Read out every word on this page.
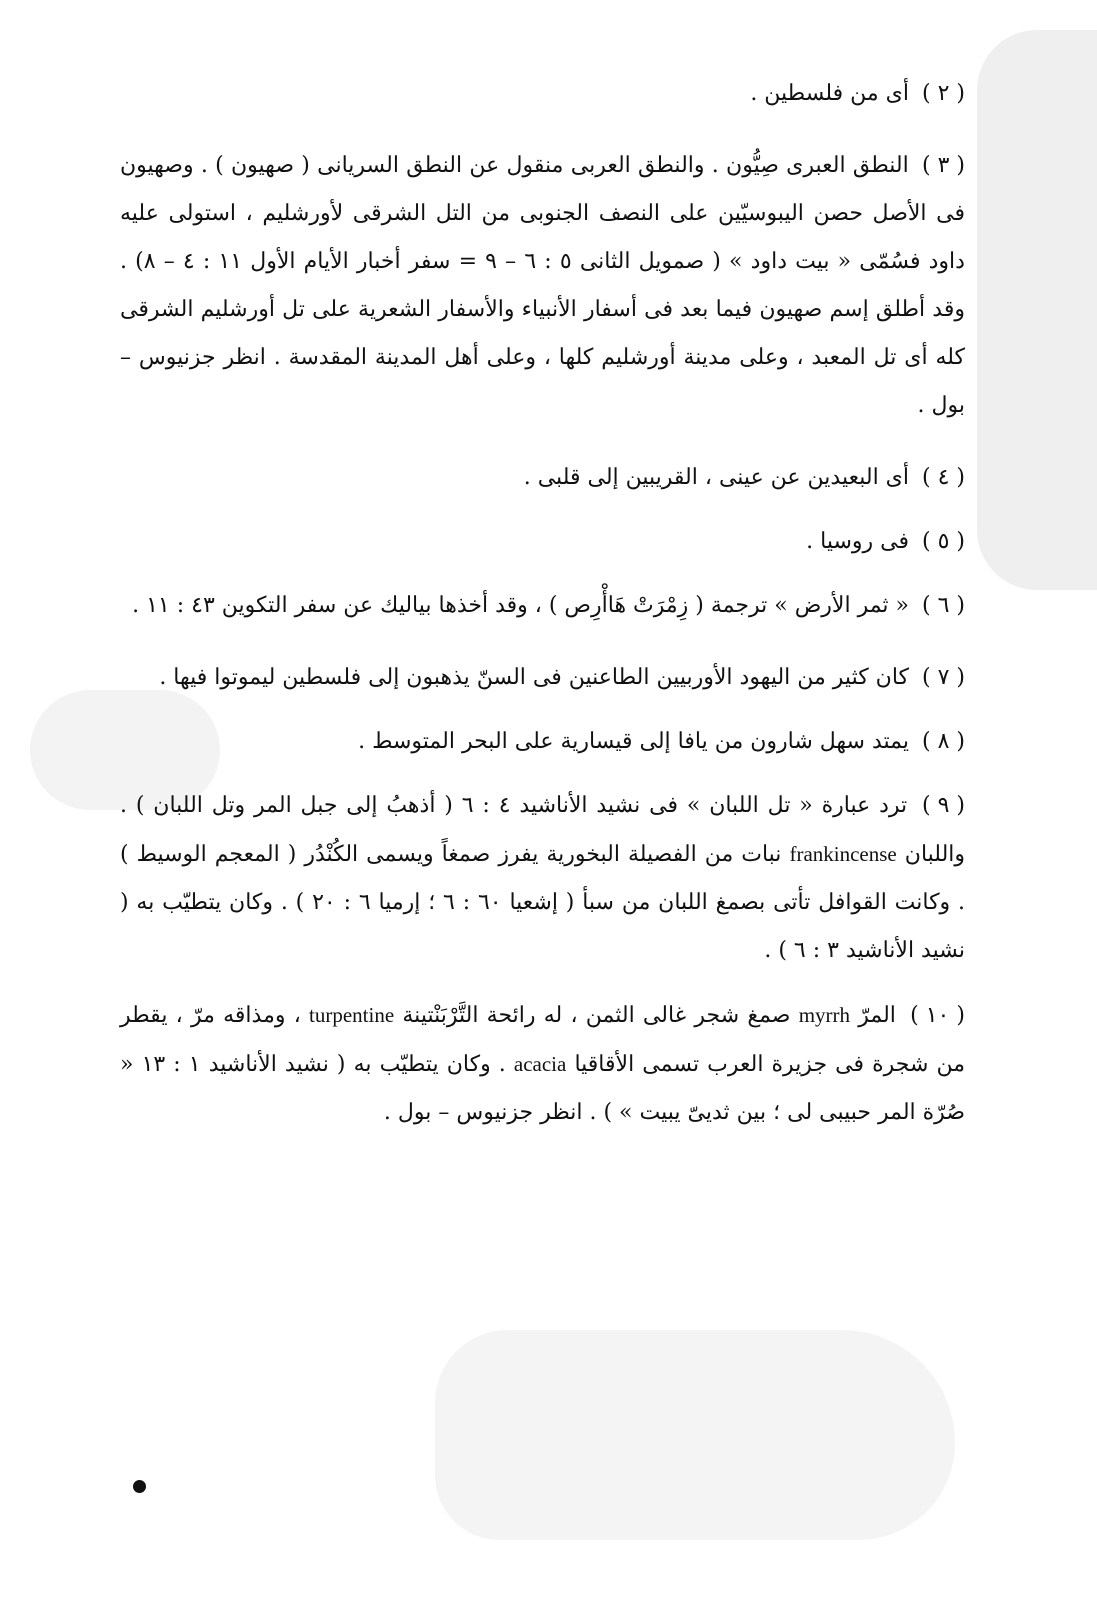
( ٢ ) أى من فلسطين .

( ٣ ) النطق العبرى صِيُّون . والنطق العربى منقول عن النطق السريانى ( صهيون ) . وصهيون فى الأصل حصن اليبوسيّين على النصف الجنوبى من التل الشرقى لأورشليم ، استولى عليه داود فسُمّى « بيت داود » ( صمويل الثانى ٥ : ٦ – ٩ = سفر أخبار الأيام الأول ١١ : ٤ – ٨) . وقد أطلق إسم صهيون فيما بعد فى أسفار الأنبياء والأسفار الشعرية على تل أورشليم الشرقى كله أى تل المعبد ، وعلى مدينة أورشليم كلها ، وعلى أهل المدينة المقدسة . انظر جزنيوس – بول .

( ٤ ) أى البعيدين عن عينى ، القريبين إلى قلبى .

( ٥ ) فى روسيا .

( ٦ ) « ثمر الأرض » ترجمة ( زِمْرَتْ هَاأْرِص ) ، وقد أخذها بياليك عن سفر التكوين ٤٣ : ١١ .

( ٧ ) كان كثير من اليهود الأوربيين الطاعنين فى السنّ يذهبون إلى فلسطين ليموتوا فيها .

( ٨ ) يمتد سهل شارون من يافا إلى قيسارية على البحر المتوسط .

( ٩ ) ترد عبارة « تل اللبان » فى نشيد الأناشيد ٤ : ٦ ( أذهبُ إلى جبل المر وتل اللبان ) . واللبان frankincense نبات من الفصيلة البخورية يفرز صمغاً ويسمى الكُنْدُر ( المعجم الوسيط ) . وكانت القوافل تأتى بصمغ اللبان من سبأ ( إشعيا ٦٠ : ٦ ؛ إرميا ٦ : ٢٠ ) . وكان يتطيّب به ( نشيد الأناشيد ٣ : ٦ ) .

( ١٠ ) المرّ myrrh صمغ شجر غالى الثمن ، له رائحة التَّرْبَنْتينة turpentine ، ومذاقه مرّ ، يقطر من شجرة فى جزيرة العرب تسمى الأقاقيا acacia . وكان يتطيّب به ( نشيد الأناشيد ١ : ١٣ « صُرّة المر حبيبى لى ؛ بين ثديىّ يبيت » ) . انظر جزنيوس – بول .
